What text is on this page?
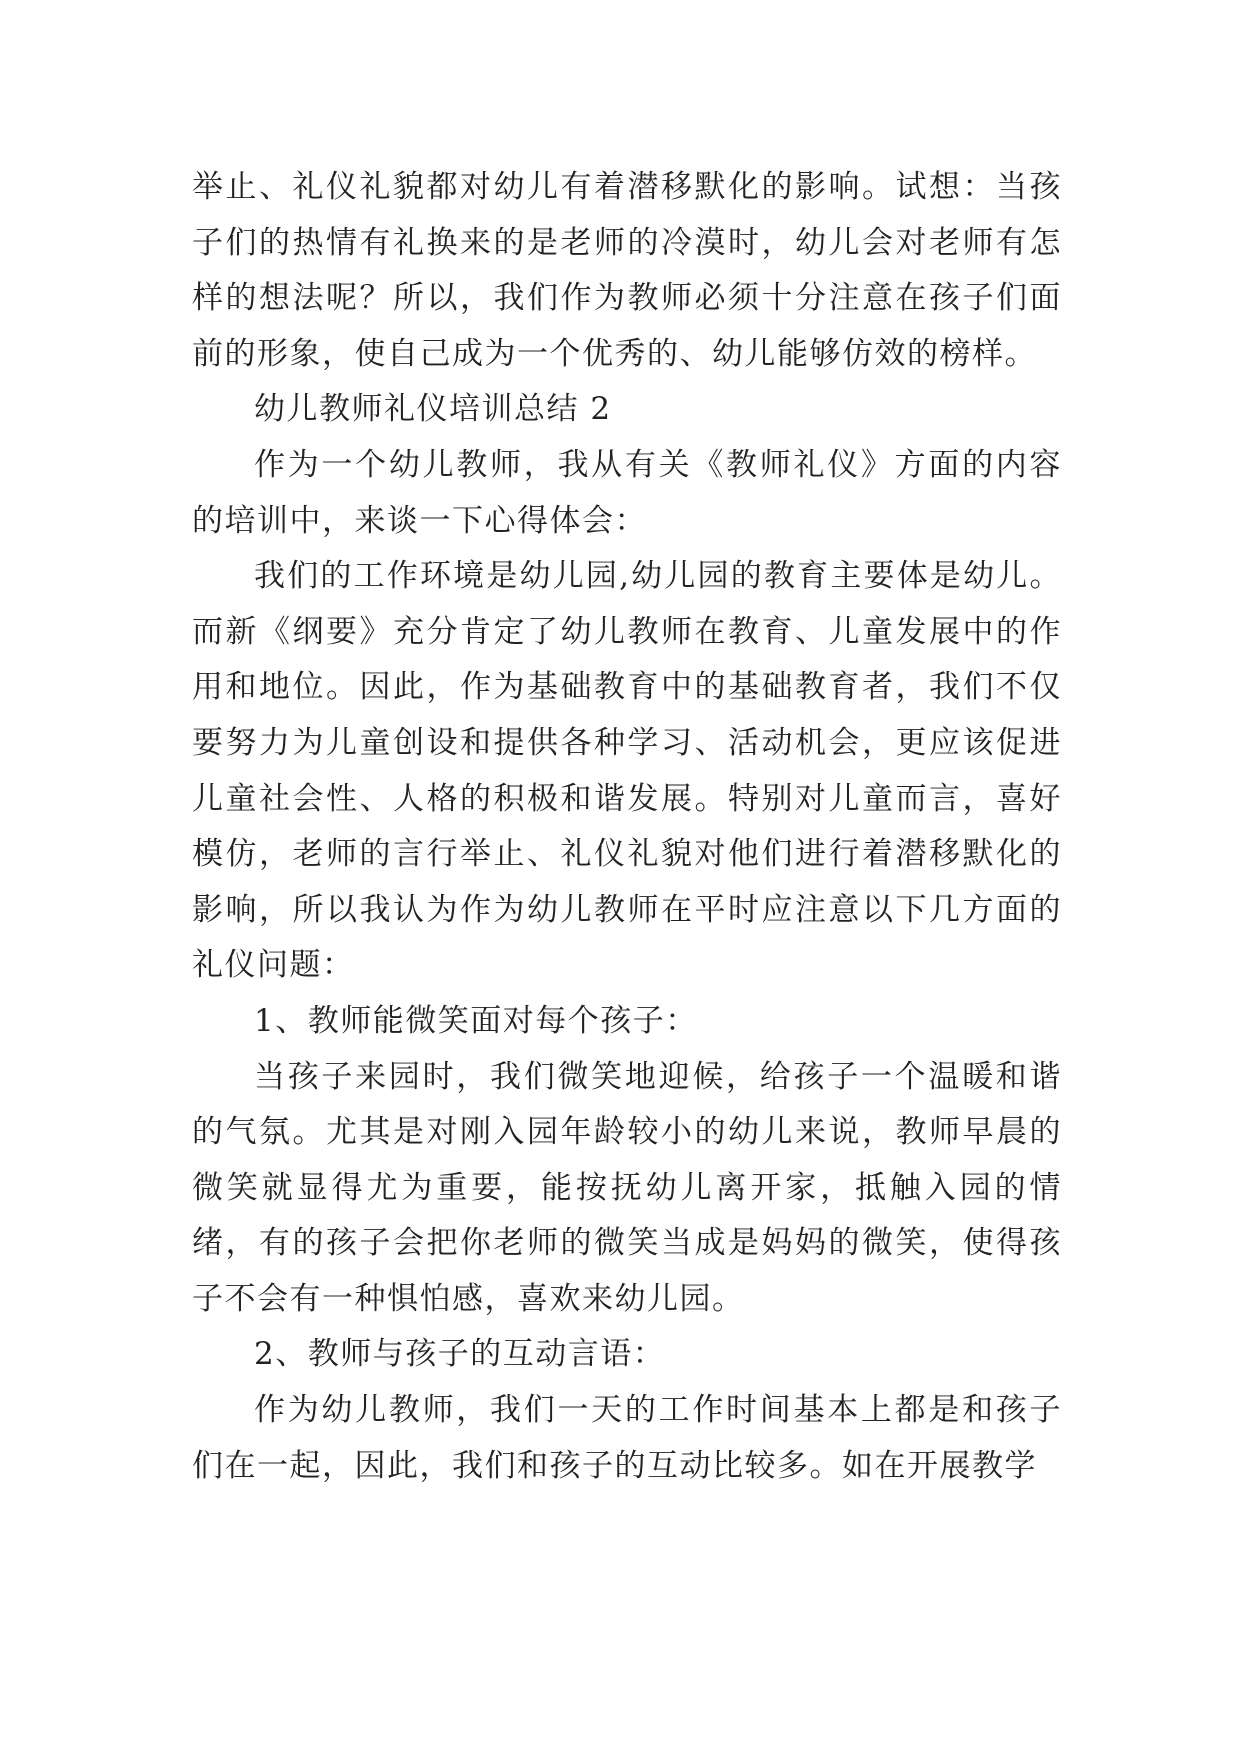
举止、礼仪礼貌都对幼儿有着潜移默化的影响。试想：当孩子们的热情有礼换来的是老师的冷漠时，幼儿会对老师有怎样的想法呢？所以，我们作为教师必须十分注意在孩子们面前的形象，使自己成为一个优秀的、幼儿能够仿效的榜样。

幼儿教师礼仪培训总结 2

作为一个幼儿教师，我从有关《教师礼仪》方面的内容的培训中，来谈一下心得体会：

我们的工作环境是幼儿园,幼儿园的教育主要体是幼儿。而新《纲要》充分肯定了幼儿教师在教育、儿童发展中的作用和地位。因此，作为基础教育中的基础教育者，我们不仅要努力为儿童创设和提供各种学习、活动机会，更应该促进儿童社会性、人格的积极和谐发展。特别对儿童而言，喜好模仿，老师的言行举止、礼仪礼貌对他们进行着潜移默化的影响，所以我认为作为幼儿教师在平时应注意以下几方面的礼仪问题：

1、教师能微笑面对每个孩子：

当孩子来园时，我们微笑地迎候，给孩子一个温暖和谐的气氛。尤其是对刚入园年龄较小的幼儿来说，教师早晨的微笑就显得尤为重要，能按抚幼儿离开家，抵触入园的情绪，有的孩子会把你老师的微笑当成是妈妈的微笑，使得孩子不会有一种惧怕感，喜欢来幼儿园。

2、教师与孩子的互动言语：

作为幼儿教师，我们一天的工作时间基本上都是和孩子们在一起，因此，我们和孩子的互动比较多。如在开展教学
